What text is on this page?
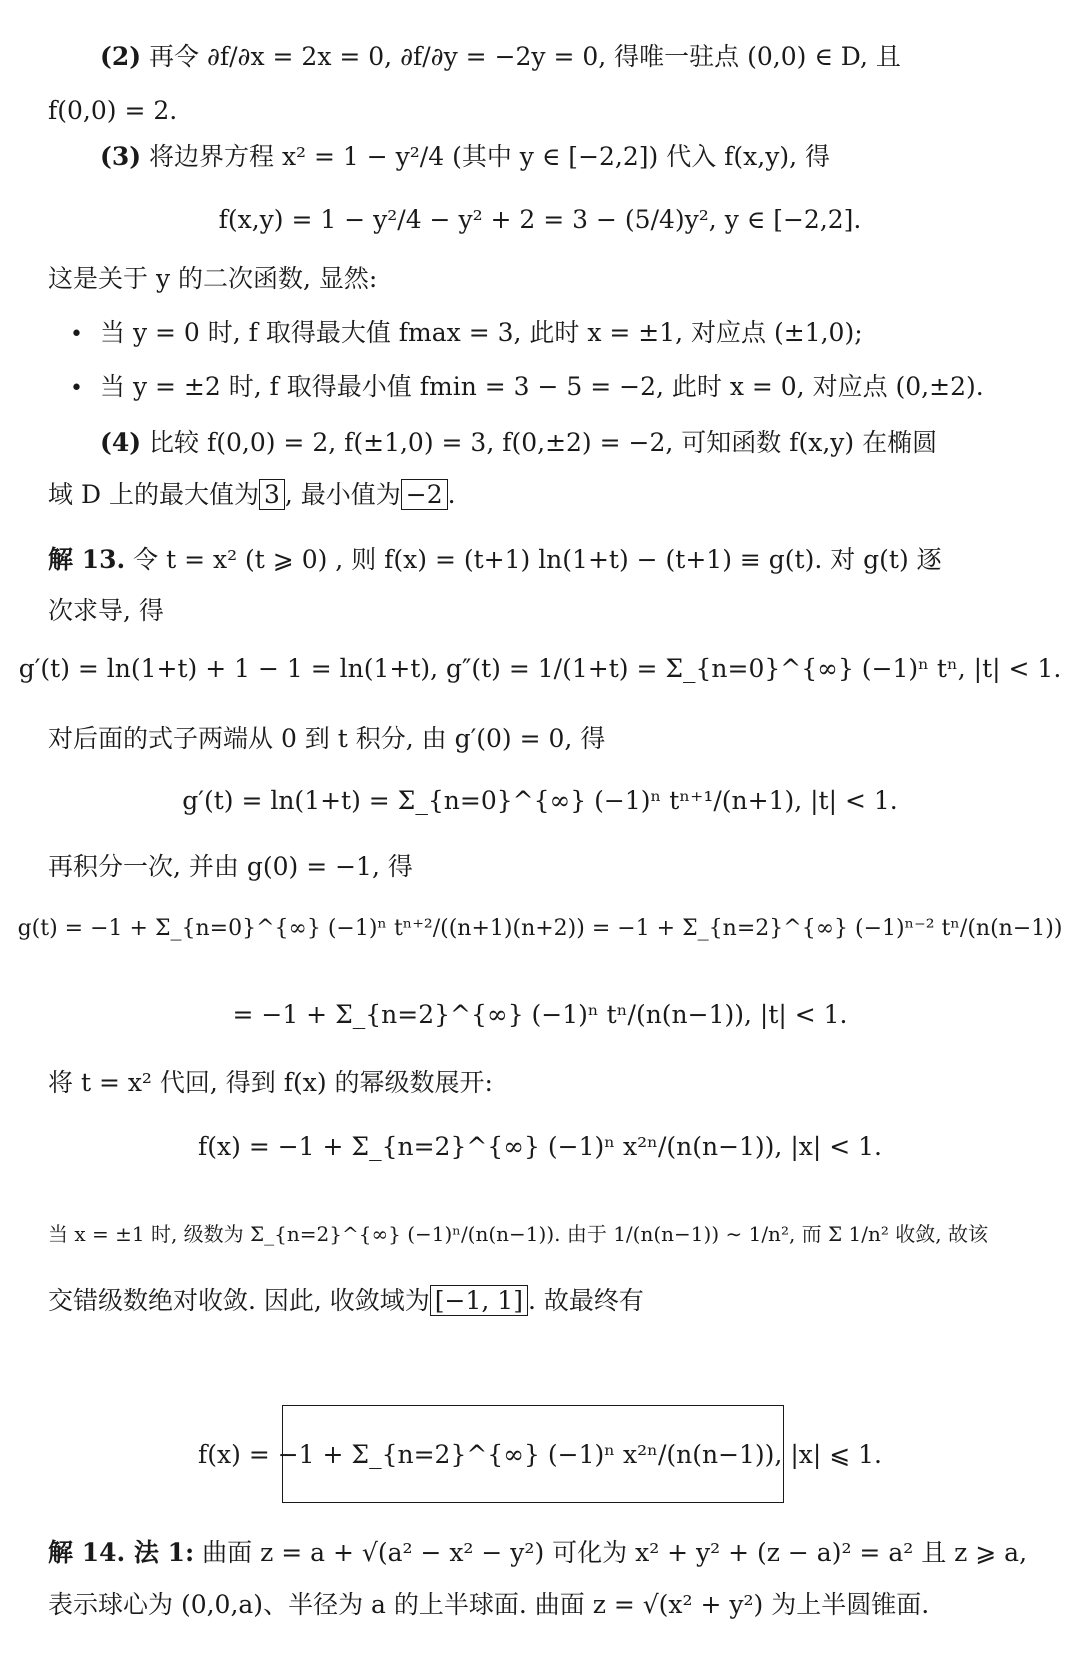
(2) 再令 ∂f/∂x = 2x = 0, ∂f/∂y = −2y = 0, 得唯一驻点 (0,0) ∈ D, 且
f(0,0) = 2.
(3) 将边界方程 x² = 1 − y²/4 (其中 y ∈ [−2,2]) 代入 f(x,y), 得
f(x,y) = 1 − y²/4 − y² + 2 = 3 − (5/4)y², y ∈ [−2,2].
这是关于 y 的二次函数, 显然:
• 当 y = 0 时, f 取得最大值 fmax = 3, 此时 x = ±1, 对应点 (±1,0);
• 当 y = ±2 时, f 取得最小值 fmin = 3 − 5 = −2, 此时 x = 0, 对应点 (0,±2).
(4) 比较 f(0,0) = 2, f(±1,0) = 3, f(0,±2) = −2, 可知函数 f(x,y) 在椭圆
域 D 上的最大值为 3 , 最小值为 −2 .
解 13. 令 t = x² (t ⩾ 0) , 则 f(x) = (t+1) ln(1+t) − (t+1) ≡ g(t). 对 g(t) 逐
次求导, 得
g′(t) = ln(1+t) + 1 − 1 = ln(1+t), g″(t) = 1/(1+t) = Σ_{n=0}^{∞} (−1)ⁿ tⁿ, |t| < 1.
对后面的式子两端从 0 到 t 积分, 由 g′(0) = 0, 得
g′(t) = ln(1+t) = Σ_{n=0}^{∞} (−1)ⁿ tⁿ⁺¹/(n+1), |t| < 1.
再积分一次, 并由 g(0) = −1, 得
g(t) = −1 + Σ_{n=0}^{∞} (−1)ⁿ tⁿ⁺²/((n+1)(n+2)) = −1 + Σ_{n=2}^{∞} (−1)ⁿ⁻² tⁿ/(n(n−1))
= −1 + Σ_{n=2}^{∞} (−1)ⁿ tⁿ/(n(n−1)), |t| < 1.
将 t = x² 代回, 得到 f(x) 的幂级数展开:
f(x) = −1 + Σ_{n=2}^{∞} (−1)ⁿ x²ⁿ/(n(n−1)), |x| < 1.
当 x = ±1 时, 级数为 Σ_{n=2}^{∞} (−1)ⁿ/(n(n−1)). 由于 1/(n(n−1)) ∼ 1/n², 而 Σ 1/n² 收敛, 故该
交错级数绝对收敛. 因此, 收敛域为 [−1, 1] . 故最终有
f(x) = −1 + Σ_{n=2}^{∞} (−1)ⁿ x²ⁿ/(n(n−1)), |x| ⩽ 1.
解 14. 法 1: 曲面 z = a + √(a² − x² − y²) 可化为 x² + y² + (z − a)² = a² 且 z ⩾ a,
表示球心为 (0,0,a)、半径为 a 的上半球面. 曲面 z = √(x² + y²) 为上半圆锥面.
